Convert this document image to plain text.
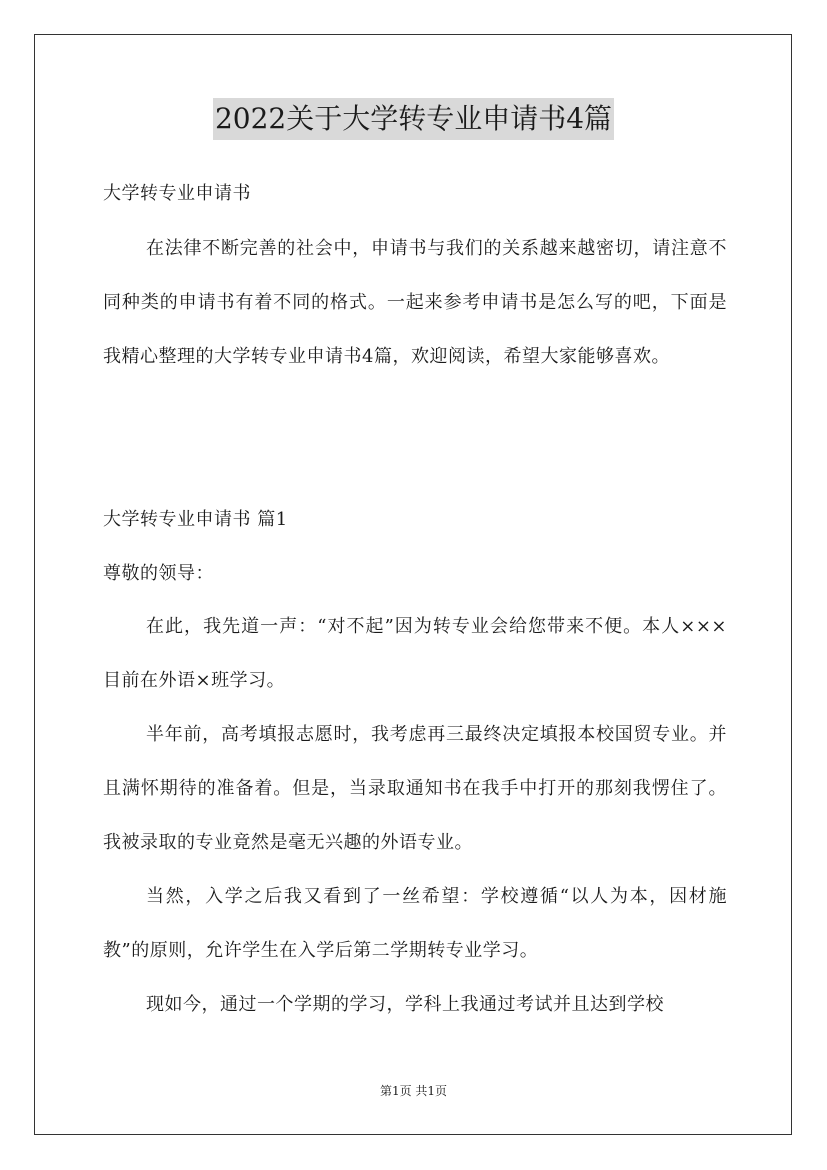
2022关于大学转专业申请书4篇
大学转专业申请书

在法律不断完善的社会中，申请书与我们的关系越来越密切，请注意不同种类的申请书有着不同的格式。一起来参考申请书是怎么写的吧，下面是我精心整理的大学转专业申请书4篇，欢迎阅读，希望大家能够喜欢。

大学转专业申请书 篇1
尊敬的领导：

在此，我先道一声：“对不起”因为转专业会给您带来不便。本人×××目前在外语×班学习。

半年前，高考填报志愿时，我考虑再三最终决定填报本校国贸专业。并且满怀期待的准备着。但是，当录取通知书在我手中打开的那刻我愣住了。我被录取的专业竟然是毫无兴趣的外语专业。

当然，入学之后我又看到了一丝希望：学校遵循“以人为本，因材施教”的原则，允许学生在入学后第二学期转专业学习。

现如今，通过一个学期的学习，学科上我通过考试并且达到学校

第1页 共1页
